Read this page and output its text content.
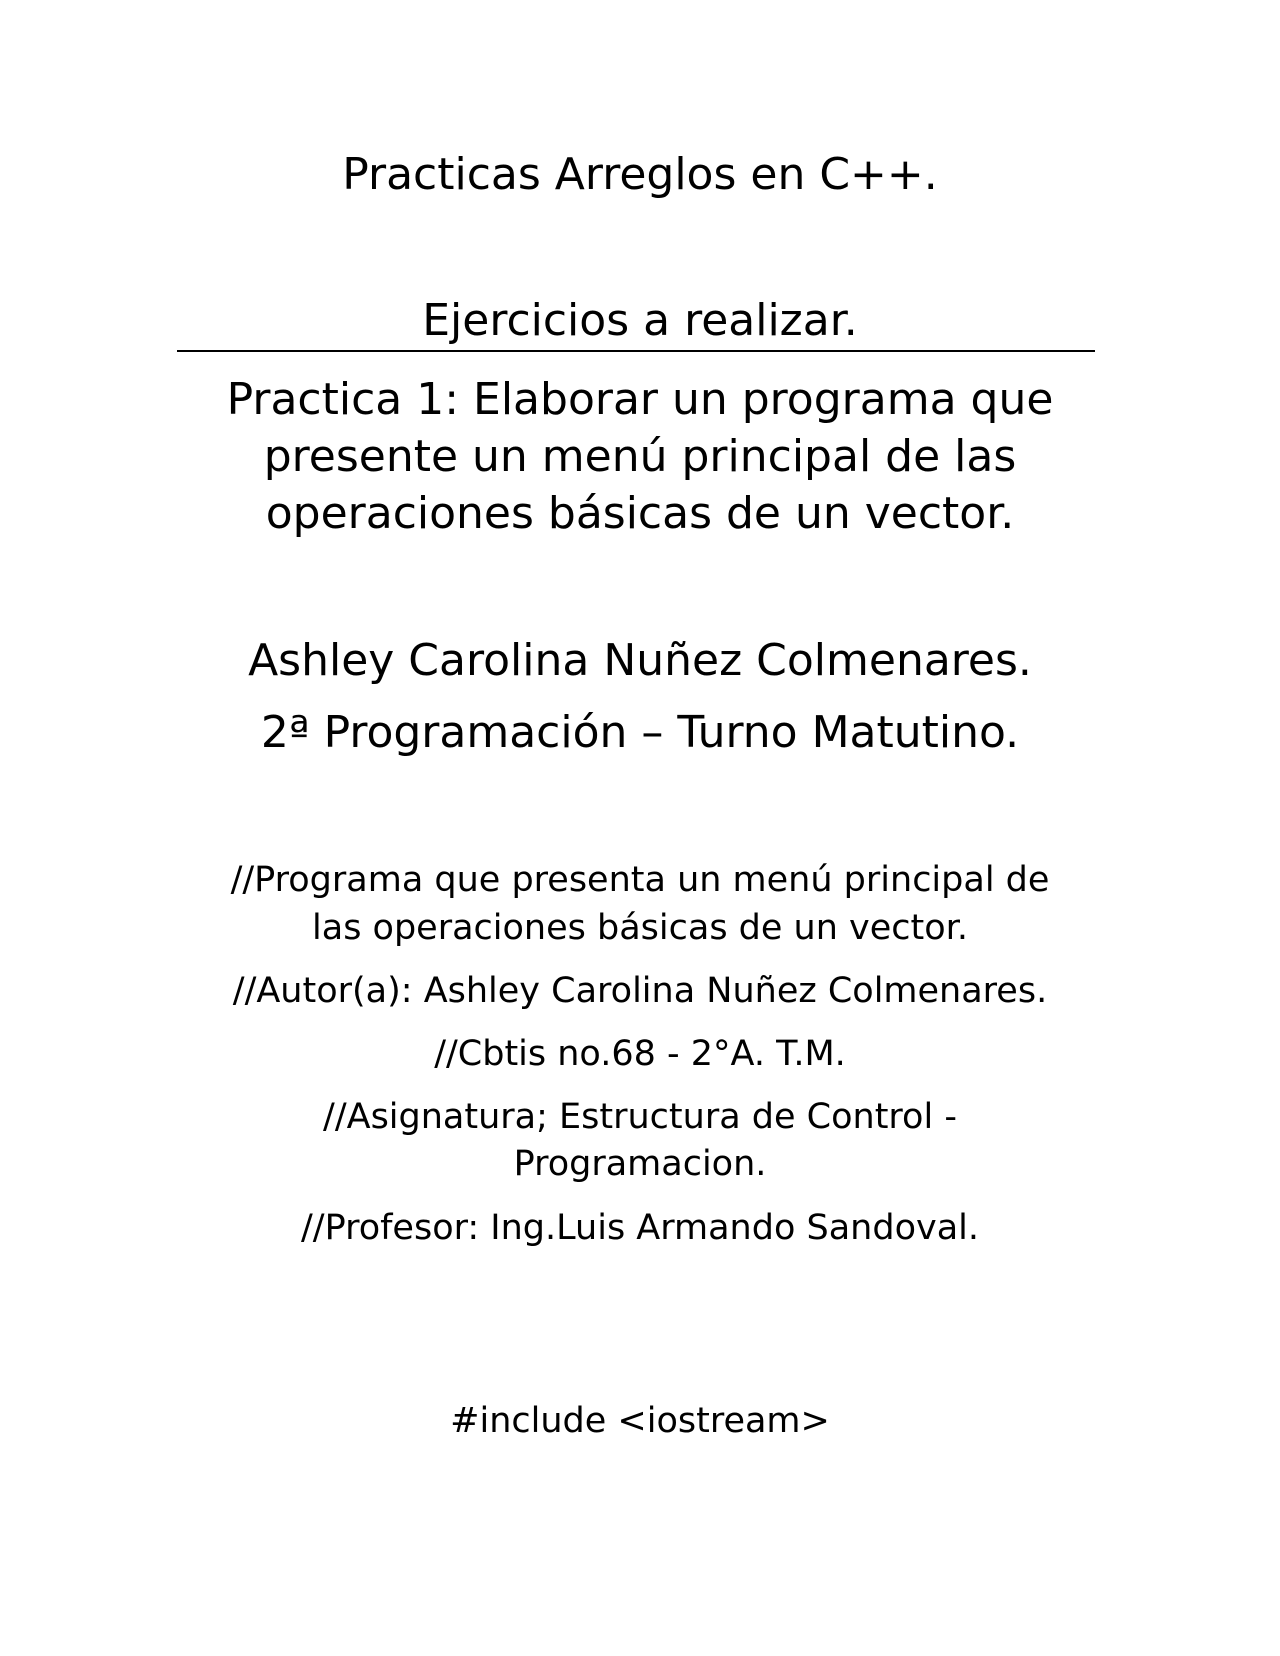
Practicas Arreglos en C++.

Ejercicios a realizar.

Practica 1: Elaborar un programa que

presente un menú principal de las

operaciones básicas de un vector.

Ashley Carolina Nuñez Colmenares.

2ª Programación – Turno Matutino.

//Programa que presenta un menú principal de

las operaciones básicas de un vector.

//Autor(a): Ashley Carolina Nuñez Colmenares.

//Cbtis no.68 - 2°A. T.M.

//Asignatura; Estructura de Control -

Programacion.

//Profesor: Ing.Luis Armando Sandoval.

#include <iostream>
